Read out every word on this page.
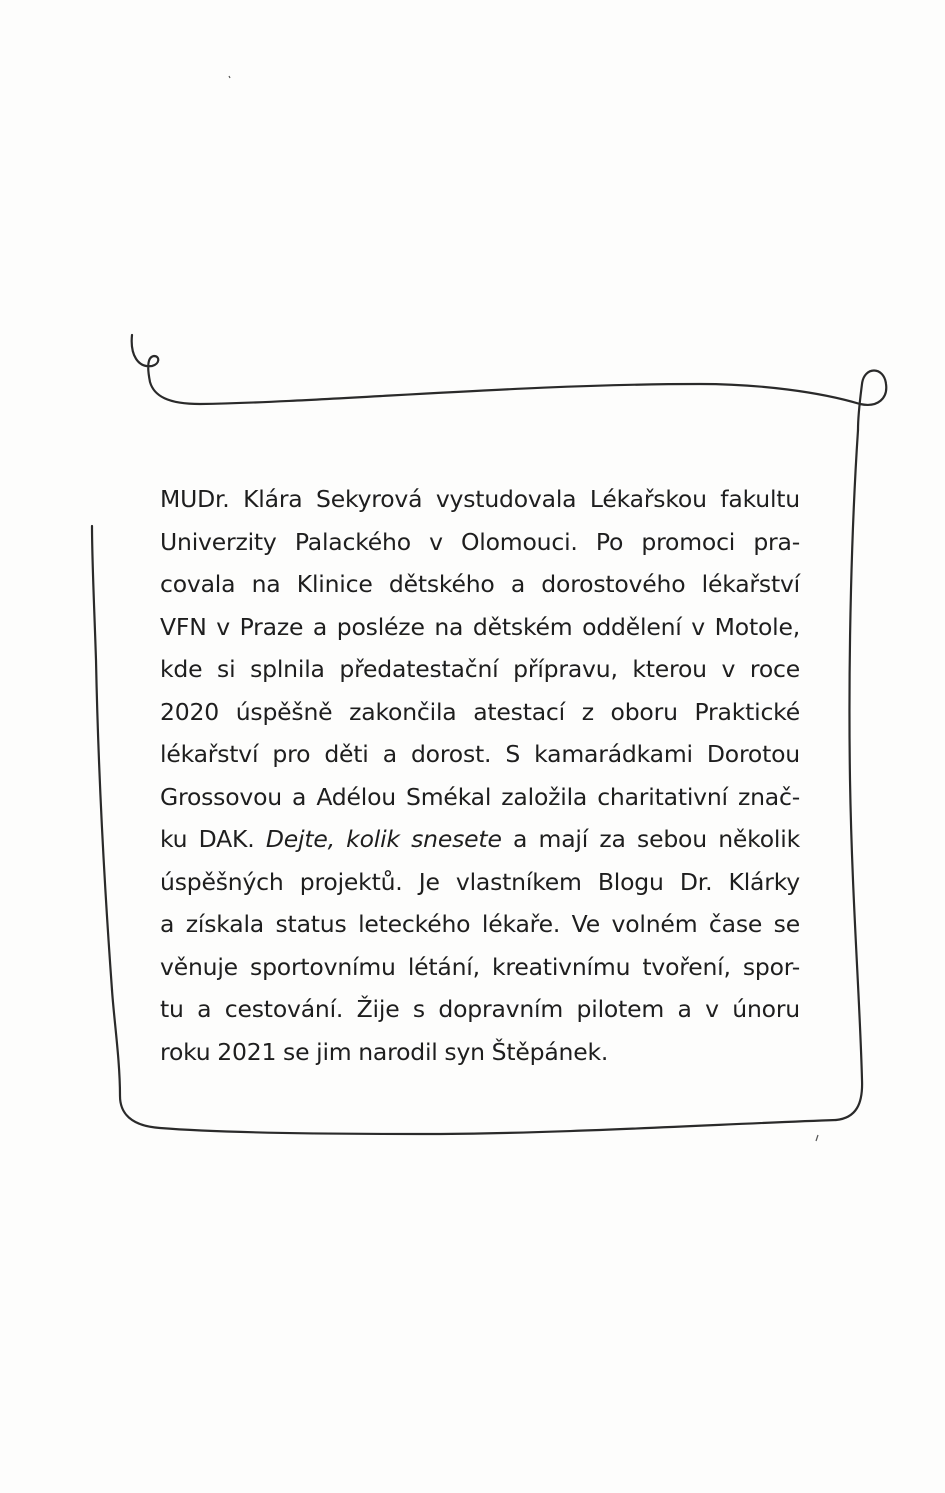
MUDr. Klára Sekyrová vystudovala Lékařskou fakultu
Univerzity Palackého v Olomouci. Po promoci pra-
covala na Klinice dětského a dorostového lékařství
VFN v Praze a posléze na dětském oddělení v Motole,
kde si splnila předatestační přípravu, kterou v roce
2020 úspěšně zakončila atestací z oboru Praktické
lékařství pro děti a dorost. S kamarádkami Dorotou
Grossovou a Adélou Smékal založila charitativní znač-
ku DAK. Dejte, kolik snesete a mají za sebou několik
úspěšných projektů. Je vlastníkem Blogu Dr. Klárky
a získala status leteckého lékaře. Ve volném čase se
věnuje sportovnímu létání, kreativnímu tvoření, spor-
tu a cestování. Žije s dopravním pilotem a v únoru
roku 2021 se jim narodil syn Štěpánek.
